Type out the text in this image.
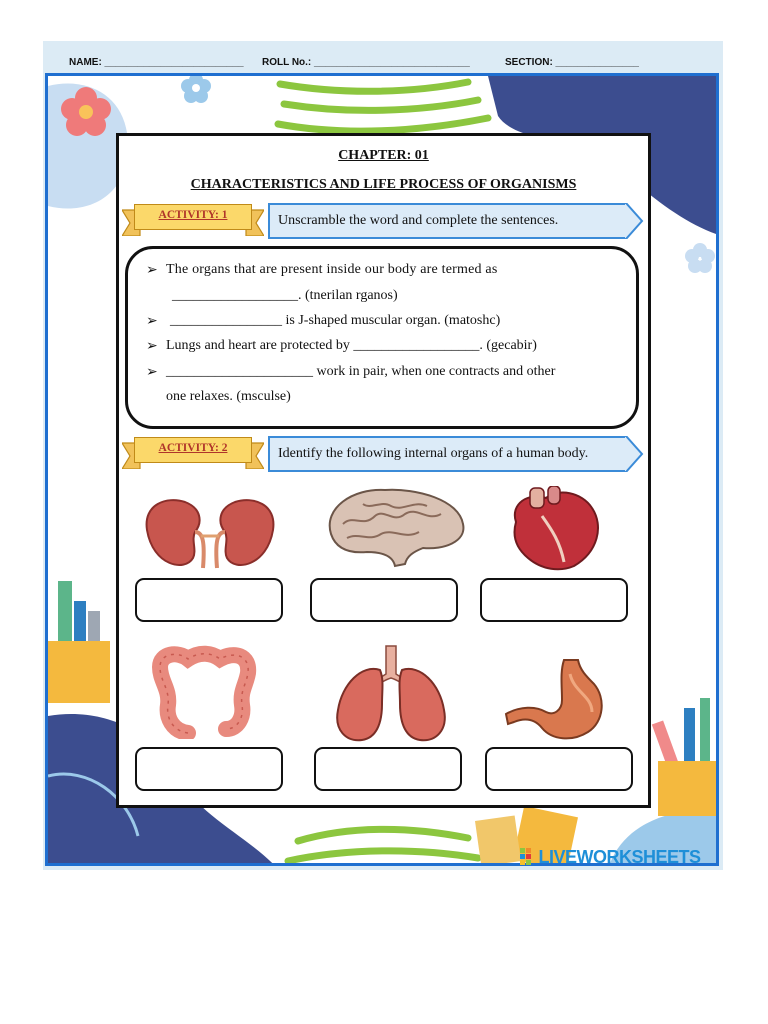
NAME: _________________________ ROLL No.: ____________________________	SECTION: _______________
CHAPTER: 01
CHARACTERISTICS AND LIFE PROCESS OF ORGANISMS
ACTIVITY: 1	Unscramble the word and complete the sentences.
➢ The organs that are present inside our body are termed as
__________________. (tnerilan rganos)
➢ ________________ is J-shaped muscular organ. (matoshc)
➢ Lungs and heart are protected by __________________. (gecabir)
➢ _____________________ work in pair, when one contracts and other
one relaxes. (msculse)
ACTIVITY: 2	Identify the following internal organs of a human body.
LIVEWORKSHEETS
